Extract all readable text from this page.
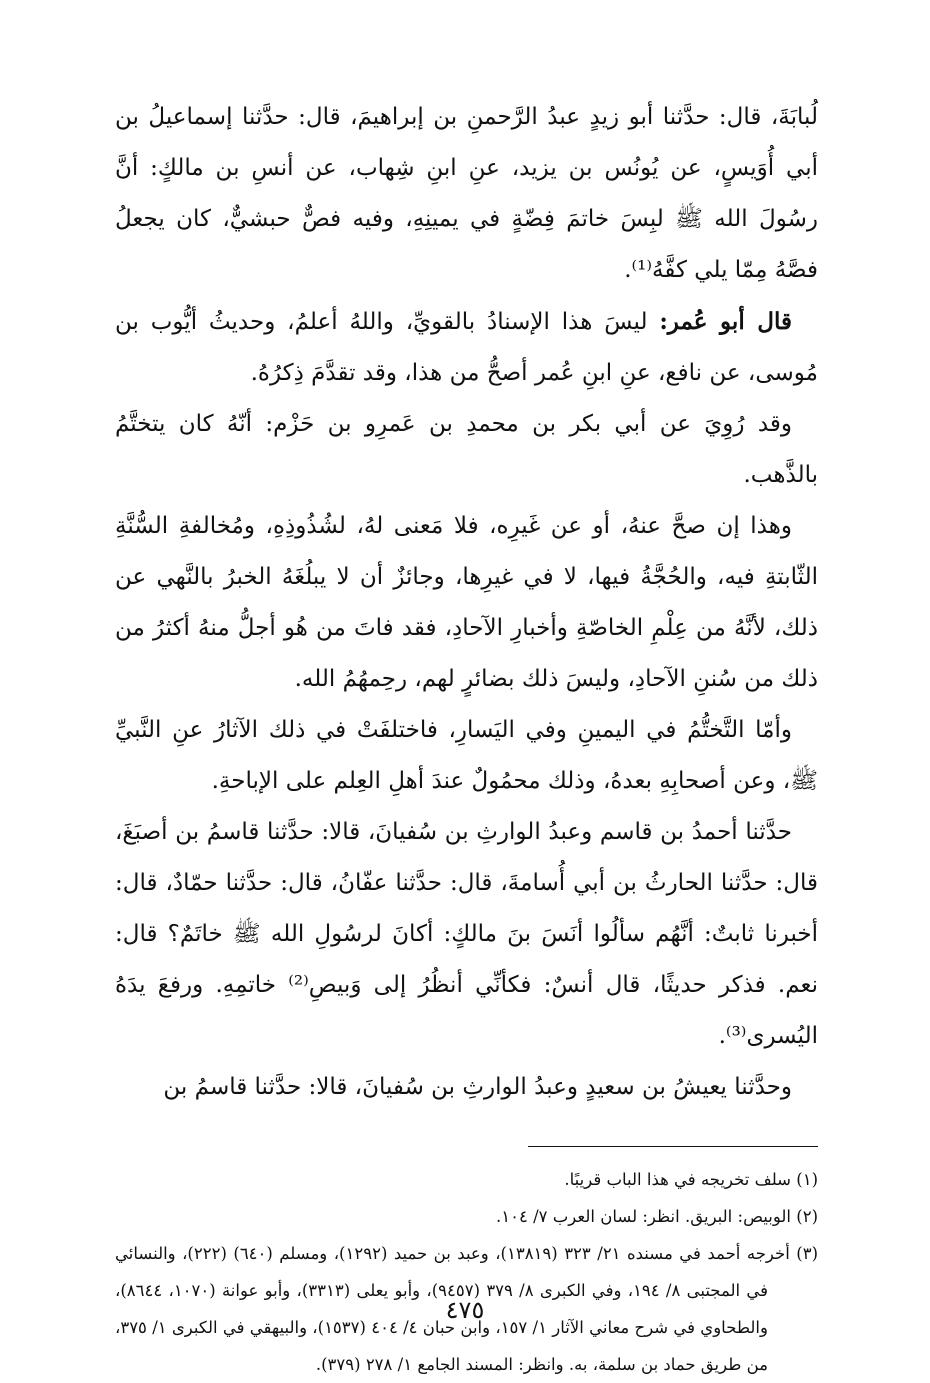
لُبابَةَ، قال: حدَّثنا أبو زيدٍ عبدُ الرَّحمنِ بن إبراهيمَ، قال: حدَّثنا إسماعيلُ بن أبي أُوَيسٍ، عن يُونُس بن يزيد، عنِ ابنِ شِهاب، عن أنسِ بن مالكٍ: أنَّ رسُولَ الله ﷺ لبِسَ خاتمَ فِضّةٍ في يمينِهِ، وفيه فصٌّ حبشيٌّ، كان يجعلُ فصَّهُ مِمّا يلي كفَّهُ⁽¹⁾.

قال أبو عُمر: ليسَ هذا الإسنادُ بالقويِّ، واللهُ أعلمُ، وحديثُ أيُّوب بن مُوسى، عن نافع، عنِ ابنِ عُمر أصحُّ من هذا، وقد تقدَّمَ ذِكرُهُ.

وقد رُوِيَ عن أبي بكر بن محمدِ بن عَمرِو بن حَزْم: أنّهُ كان يتختَّمُ بالذَّهب.

وهذا إن صحَّ عنهُ، أو عن غَيرِه، فلا مَعنى لهُ، لشُذُوذِهِ، ومُخالفةِ السُّنَّةِ الثّابتةِ فيه، والحُجَّةُ فيها، لا في غيرِها، وجائزٌ أن لا يبلُغَهُ الخبرُ بالنَّهي عن ذلك، لأنَّهُ من عِلْمِ الخاصّةِ وأخبارِ الآحادِ، فقد فاتَ من هُو أجلُّ منهُ أكثرُ من ذلك من سُننِ الآحادِ، وليسَ ذلك بضائرٍ لهم، رحِمهُمُ الله.

وأمّا التَّختُّمُ في اليمينِ وفي اليَسارِ، فاختلفَتْ في ذلك الآثارُ عنِ النَّبيِّ ﷺ، وعن أصحابِهِ بعدهُ، وذلك محمُولٌ عندَ أهلِ العِلم على الإباحةِ.

حدَّثنا أحمدُ بن قاسم وعبدُ الوارثِ بن سُفيانَ، قالا: حدَّثنا قاسمُ بن أصبَغَ، قال: حدَّثنا الحارثُ بن أبي أُسامةَ، قال: حدَّثنا عفّانُ، قال: حدَّثنا حمّادٌ، قال: أخبرنا ثابتٌ: أنَّهُم سألُوا أنَسَ بنَ مالكٍ: أكانَ لرسُولِ الله ﷺ خاتَمٌ؟ قال: نعم. فذكر حديثًا، قال أنسٌ: فكأنِّي أنظُرُ إلى وَبيصِ⁽²⁾ خاتمِهِ. ورفعَ يدَهُ اليُسرى⁽³⁾.

وحدَّثنا يعيشُ بن سعيدٍ وعبدُ الوارثِ بن سُفيانَ، قالا: حدَّثنا قاسمُ بن

(١) سلف تخريجه في هذا الباب قريبًا.

(٢) الوبيص: البريق. انظر: لسان العرب ٧/ ١٠٤.

(٣) أخرجه أحمد في مسنده ٢١/ ٣٢٣ (١٣٨١٩)، وعبد بن حميد (١٢٩٢)، ومسلم (٦٤٠) (٢٢٢)، والنسائي في المجتبى ٨/ ١٩٤، وفي الكبرى ٨/ ٣٧٩ (٩٤٥٧)، وأبو يعلى (٣٣١٣)، وأبو عوانة (١٠٧٠، ٨٦٤٤)، والطحاوي في شرح معاني الآثار ١/ ١٥٧، وابن حبان ٤/ ٤٠٤ (١٥٣٧)، والبيهقي في الكبرى ١/ ٣٧٥، من طريق حماد بن سلمة، به. وانظر: المسند الجامع ١/ ٢٧٨ (٣٧٩).

٤٧٥
